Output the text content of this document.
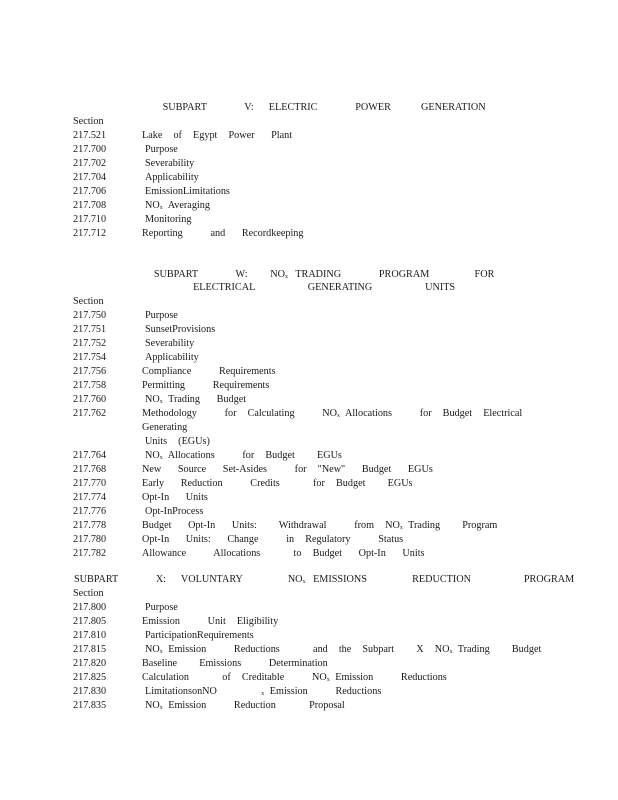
SUBPART     V:  ELECTRIC     POWER    GENERATION

Section
217.521	Lake  of  Egypt  Power   Plant
217.700	Purpose
217.702	Severability
217.704	Applicability
217.706	EmissionLimitations
217.708	$NO_x$ Averaging
217.710	Monitoring
217.712	Reporting     and   Recordkeeping

SUBPART     W:   $NO_x$ TRADING     PROGRAM      FOR

ELECTRICAL       GENERATING       UNITS

Section
217.750	Purpose
217.751	SunsetProvisions
217.752	Severability
217.754	Applicability
217.756	Compliance     Requirements
217.758	Permitting     Requirements
217.760	$NO_x$ Trading   Budget
217.762	Methodology     for  Calculating     $NO_x$ Allocations     for  Budget  Electrical      Generating
Units  (EGUs)
217.764	$NO_x$ Allocations     for  Budget    EGUs
217.768	New   Source   Set-Asides     for  "New"   Budget   EGUs
217.770	Early   Reduction     Credits      for  Budget    EGUs
217.774	Opt-In   Units
217.776	Opt-InProcess
217.778	Budget   Opt-In   Units:    Withdrawal     from  $NO_x$ Trading    Program
217.780	Opt-In   Units:   Change     in  Regulatory     Status
217.782	Allowance     Allocations      to  Budget   Opt-In   Units

SUBPART     X:  VOLUNTARY      $NO_x$ EMISSIONS      REDUCTION       PROGRAM

Section
217.800	Purpose
217.805	Emission     Unit  Eligibility
217.810	ParticipationRequirements
217.815	$NO_x$ Emission     Reductions      and  the  Subpart    X  $NO_x$ Trading    Budget
217.820	Baseline    Emissions     Determination
217.825	Calculation      of  Creditable     $NO_x$ Emission     Reductions
217.830	LimitationsonNO        $_x$ Emission     Reductions
217.835	$NO_x$ Emission     Reduction      Proposal
